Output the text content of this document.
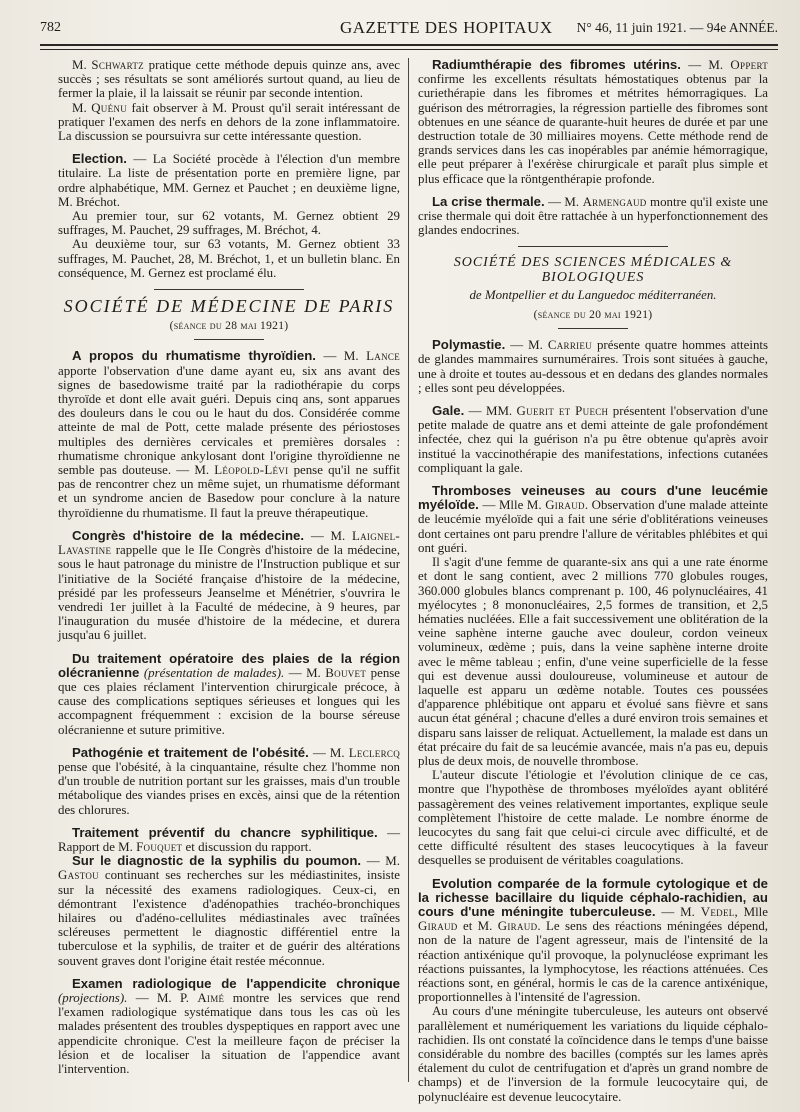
782	GAZETTE DES HOPITAUX N° 46, 11 juin 1921. — 94e ANNÉE.

M. Schwartz pratique cette méthode depuis quinze ans, avec succès ; ses résultats se sont améliorés surtout quand, au lieu de fermer la plaie, il la laissait se réunir par seconde intention.

M. Quénu fait observer à M. Proust qu'il serait intéressant de pratiquer l'examen des nerfs en dehors de la zone inflammatoire. La discussion se poursuivra sur cette intéressante question.

Election. — La Société procède à l'élection d'un membre titulaire. La liste de présentation porte en première ligne, par ordre alphabétique, MM. Gernez et Pauchet ; en deuxième ligne, M. Bréchot.

Au premier tour, sur 62 votants, M. Gernez obtient 29 suffrages, M. Pauchet, 29 suffrages, M. Bréchot, 4.

Au deuxième tour, sur 63 votants, M. Gernez obtient 33 suffrages, M. Pauchet, 28, M. Bréchot, 1, et un bulletin blanc. En conséquence, M. Gernez est proclamé élu.

SOCIÉTÉ DE MÉDECINE DE PARIS

(séance du 28 mai 1921)

A propos du rhumatisme thyroïdien. — M. Lance apporte l'observation d'une dame ayant eu, six ans avant des signes de basedowisme traité par la radiothérapie du corps thyroïde et dont elle avait guéri. Depuis cinq ans, sont apparues des douleurs dans le cou ou le haut du dos. Considérée comme atteinte de mal de Pott, cette malade présente des périostoses multiples des dernières cervicales et premières dorsales : rhumatisme chronique ankylosant dont l'origine thyroïdienne ne semble pas douteuse. — M. Léopold-Lévi pense qu'il ne suffit pas de rencontrer chez un même sujet, un rhumatisme déformant et un syndrome ancien de Basedow pour conclure à la nature thyroïdienne du rhumatisme. Il faut la preuve thérapeutique.

Congrès d'histoire de la médecine. — M. Laignel-Lavastine rappelle que le IIe Congrès d'histoire de la médecine, sous le haut patronage du ministre de l'Instruction publique et sur l'initiative de la Société française d'histoire de la médecine, présidé par les professeurs Jeanselme et Ménétrier, s'ouvrira le vendredi 1er juillet à la Faculté de médecine, à 9 heures, par l'inauguration du musée d'histoire de la médecine, et durera jusqu'au 6 juillet.

Du traitement opératoire des plaies de la région olécranienne (présentation de malades). — M. Bouvet pense que ces plaies réclament l'intervention chirurgicale précoce, à cause des complications septiques sérieuses et longues qui les accompagnent fréquemment : excision de la bourse séreuse olécranienne et suture primitive.

Pathogénie et traitement de l'obésité. — M. Leclercq pense que l'obésité, à la cinquantaine, résulte chez l'homme non d'un trouble de nutrition portant sur les graisses, mais d'un trouble métabolique des viandes prises en excès, ainsi que de la rétention des chlorures.

Traitement préventif du chancre syphilitique. — Rapport de M. Fouquet et discussion du rapport.

Sur le diagnostic de la syphilis du poumon. — M. Gastou continuant ses recherches sur les médiastinites, insiste sur la nécessité des examens radiologiques. Ceux-ci, en démontrant l'existence d'adénopathies trachéo-bronchiques hilaires ou d'adéno-cellulites médiastinales avec traînées scléreuses permettent le diagnostic différentiel entre la tuberculose et la syphilis, de traiter et de guérir des altérations souvent graves dont l'origine était restée méconnue.

Examen radiologique de l'appendicite chronique (projections). — M. P. Aimé montre les services que rend l'examen radiologique systématique dans tous les cas où les malades présentent des troubles dyspeptiques en rapport avec une appendicite chronique. C'est la meilleure façon de préciser la lésion et de localiser la situation de l'appendice avant l'intervention.

Radiumthérapie des fibromes utérins. — M. Oppert confirme les excellents résultats hémostatiques obtenus par la curiethérapie dans les fibromes et métrites hémorragiques. La guérison des métrorragies, la régression partielle des fibromes sont obtenues en une séance de quarante-huit heures de durée et par une destruction totale de 30 milliaires moyens. Cette méthode rend de grands services dans les cas inopérables par anémie hémorragique, elle peut préparer à l'exérèse chirurgicale et paraît plus simple et plus efficace que la röntgenthérapie profonde.

La crise thermale. — M. Armengaud montre qu'il existe une crise thermale qui doit être rattachée à un hyperfonctionnement des glandes endocrines.

SOCIÉTÉ DES SCIENCES MÉDICALES & BIOLOGIQUES

de Montpellier et du Languedoc méditerranéen.

(séance du 20 mai 1921)

Polymastie. — M. Carrieu présente quatre hommes atteints de glandes mammaires surnuméraires. Trois sont situées à gauche, une à droite et toutes au-dessous et en dedans des glandes normales ; elles sont peu développées.

Gale. — MM. Guerit et Puech présentent l'observation d'une petite malade de quatre ans et demi atteinte de gale profondément infectée, chez qui la guérison n'a pu être obtenue qu'après avoir institué la vaccinothérapie des manifestations, infections cutanées compliquant la gale.

Thromboses veineuses au cours d'une leucémie myéloïde. — Mlle M. Giraud. Observation d'une malade atteinte de leucémie myéloïde qui a fait une série d'oblitérations veineuses dont certaines ont paru prendre l'allure de véritables phlébites et qui ont guéri.

Il s'agit d'une femme de quarante-six ans qui a une rate énorme et dont le sang contient, avec 2 millions 770 globules rouges, 360.000 globules blancs comprenant p. 100, 46 polynucléaires, 41 myélocytes ; 8 mononucléaires, 2,5 formes de transition, et 2,5 hématies nucléées. Elle a fait successivement une oblitération de la veine saphène interne gauche avec douleur, cordon veineux volumineux, œdème ; puis, dans la veine saphène interne droite avec le même tableau ; enfin, d'une veine superficielle de la fesse qui est devenue aussi douloureuse, volumineuse et autour de laquelle est apparu un œdème notable. Toutes ces poussées d'apparence phlébitique ont apparu et évolué sans fièvre et sans aucun état général ; chacune d'elles a duré environ trois semaines et disparu sans laisser de reliquat. Actuellement, la malade est dans un état précaire du fait de sa leucémie avancée, mais n'a pas eu, depuis plus de deux mois, de nouvelle thrombose.

L'auteur discute l'étiologie et l'évolution clinique de ce cas, montre que l'hypothèse de thromboses myéloïdes ayant oblitéré passagèrement des veines relativement importantes, explique seule complètement l'histoire de cette malade. Le nombre énorme de leucocytes du sang fait que celui-ci circule avec difficulté, et de cette difficulté résultent des stases leucocytiques à la faveur desquelles se produisent de véritables coagulations.

Evolution comparée de la formule cytologique et de la richesse bacillaire du liquide céphalo-rachidien, au cours d'une méningite tuberculeuse. — M. Vedel, Mlle Giraud et M. Giraud. Le sens des réactions méningées dépend, non de la nature de l'agent agresseur, mais de l'intensité de la réaction antixénique qu'il provoque, la polynucléose exprimant les réactions puissantes, la lymphocytose, les réactions atténuées. Ces réactions sont, en général, hormis le cas de la carence antixénique, proportionnelles à l'intensité de l'agression.

Au cours d'une méningite tuberculeuse, les auteurs ont observé parallèlement et numériquement les variations du liquide céphalo-rachidien. Ils ont constaté la coïncidence dans le temps d'une baisse considérable du nombre des bacilles (comptés sur les lames après étalement du culot de centrifugation et d'après un grand nombre de champs) et de l'inversion de la formule leucocytaire qui, de polynucléaire est devenue leucocytaire.
